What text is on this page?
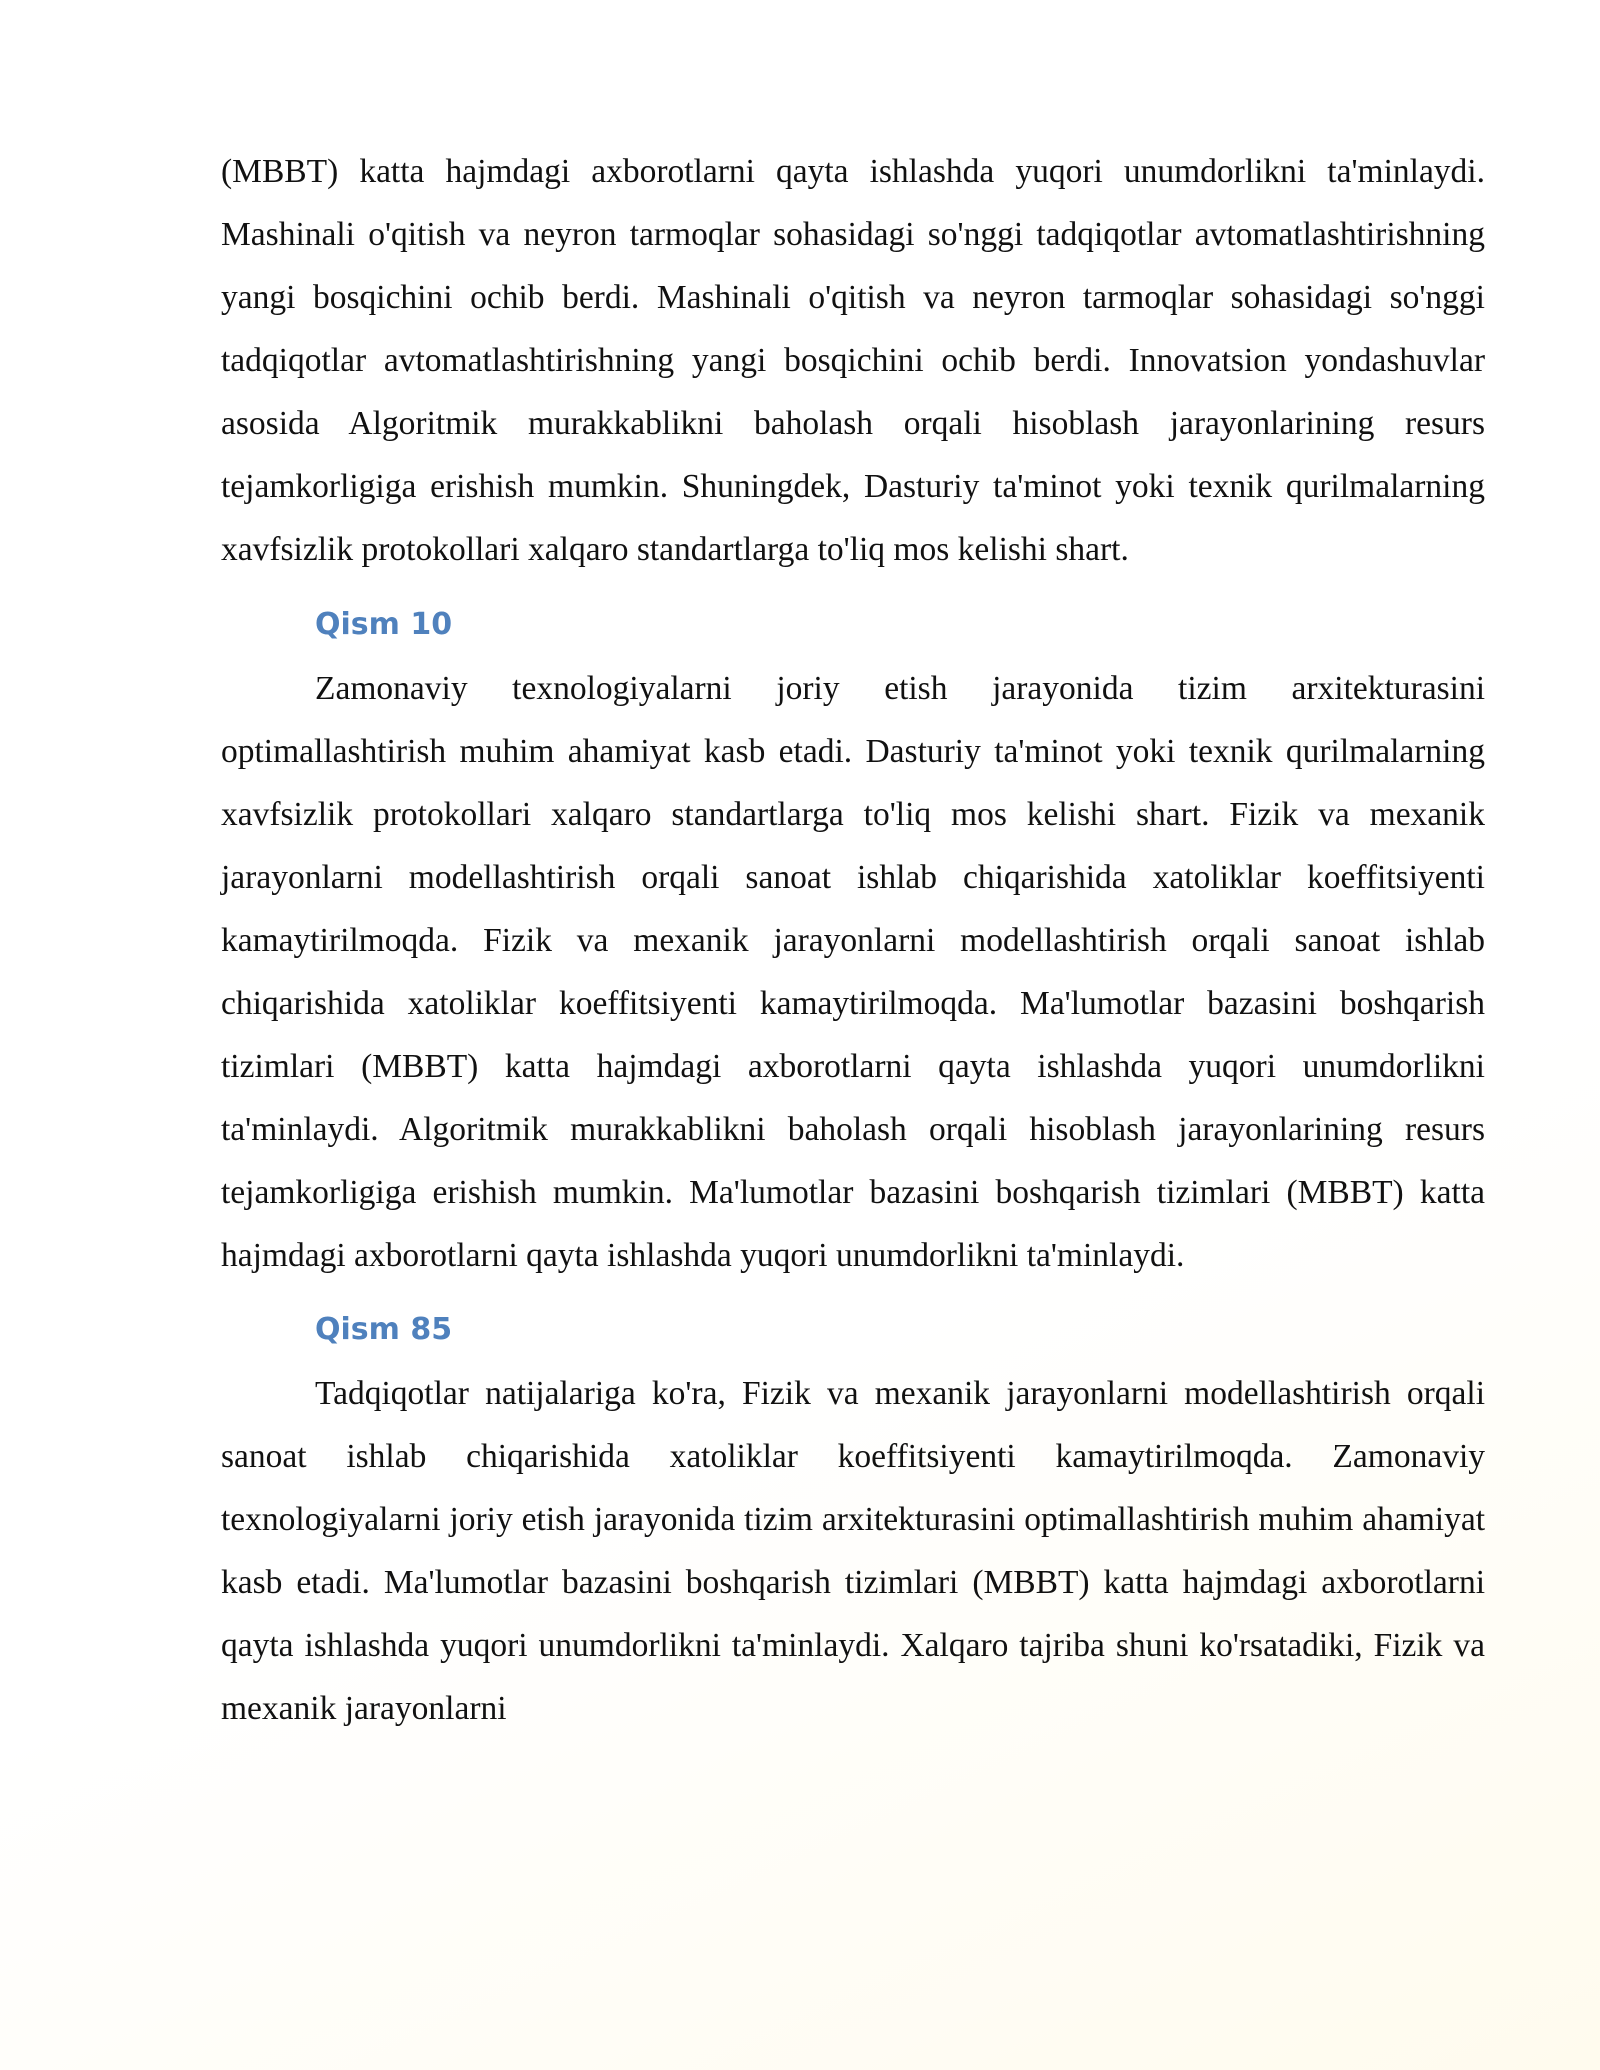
(MBBT) katta hajmdagi axborotlarni qayta ishlashda yuqori unumdorlikni ta'minlaydi. Mashinali o'qitish va neyron tarmoqlar sohasidagi so'nggi tadqiqotlar avtomatlashtirishning yangi bosqichini ochib berdi. Mashinali o'qitish va neyron tarmoqlar sohasidagi so'nggi tadqiqotlar avtomatlashtirishning yangi bosqichini ochib berdi. Innovatsion yondashuvlar asosida Algoritmik murakkablikni baholash orqali hisoblash jarayonlarining resurs tejamkorligiga erishish mumkin. Shuningdek, Dasturiy ta'minot yoki texnik qurilmalarning xavfsizlik protokollari xalqaro standartlarga to'liq mos kelishi shart.

Qism 10

Zamonaviy texnologiyalarni joriy etish jarayonida tizim arxitekturasini optimallashtirish muhim ahamiyat kasb etadi. Dasturiy ta'minot yoki texnik qurilmalarning xavfsizlik protokollari xalqaro standartlarga to'liq mos kelishi shart. Fizik va mexanik jarayonlarni modellashtirish orqali sanoat ishlab chiqarishida xatoliklar koeffitsiyenti kamaytirilmoqda. Fizik va mexanik jarayonlarni modellashtirish orqali sanoat ishlab chiqarishida xatoliklar koeffitsiyenti kamaytirilmoqda. Ma'lumotlar bazasini boshqarish tizimlari (MBBT) katta hajmdagi axborotlarni qayta ishlashda yuqori unumdorlikni ta'minlaydi. Algoritmik murakkablikni baholash orqali hisoblash jarayonlarining resurs tejamkorligiga erishish mumkin. Ma'lumotlar bazasini boshqarish tizimlari (MBBT) katta hajmdagi axborotlarni qayta ishlashda yuqori unumdorlikni ta'minlaydi.

Qism 85

Tadqiqotlar natijalariga ko'ra, Fizik va mexanik jarayonlarni modellashtirish orqali sanoat ishlab chiqarishida xatoliklar koeffitsiyenti kamaytirilmoqda. Zamonaviy texnologiyalarni joriy etish jarayonida tizim arxitekturasini optimallashtirish muhim ahamiyat kasb etadi. Ma'lumotlar bazasini boshqarish tizimlari (MBBT) katta hajmdagi axborotlarni qayta ishlashda yuqori unumdorlikni ta'minlaydi. Xalqaro tajriba shuni ko'rsatadiki, Fizik va mexanik jarayonlarni
